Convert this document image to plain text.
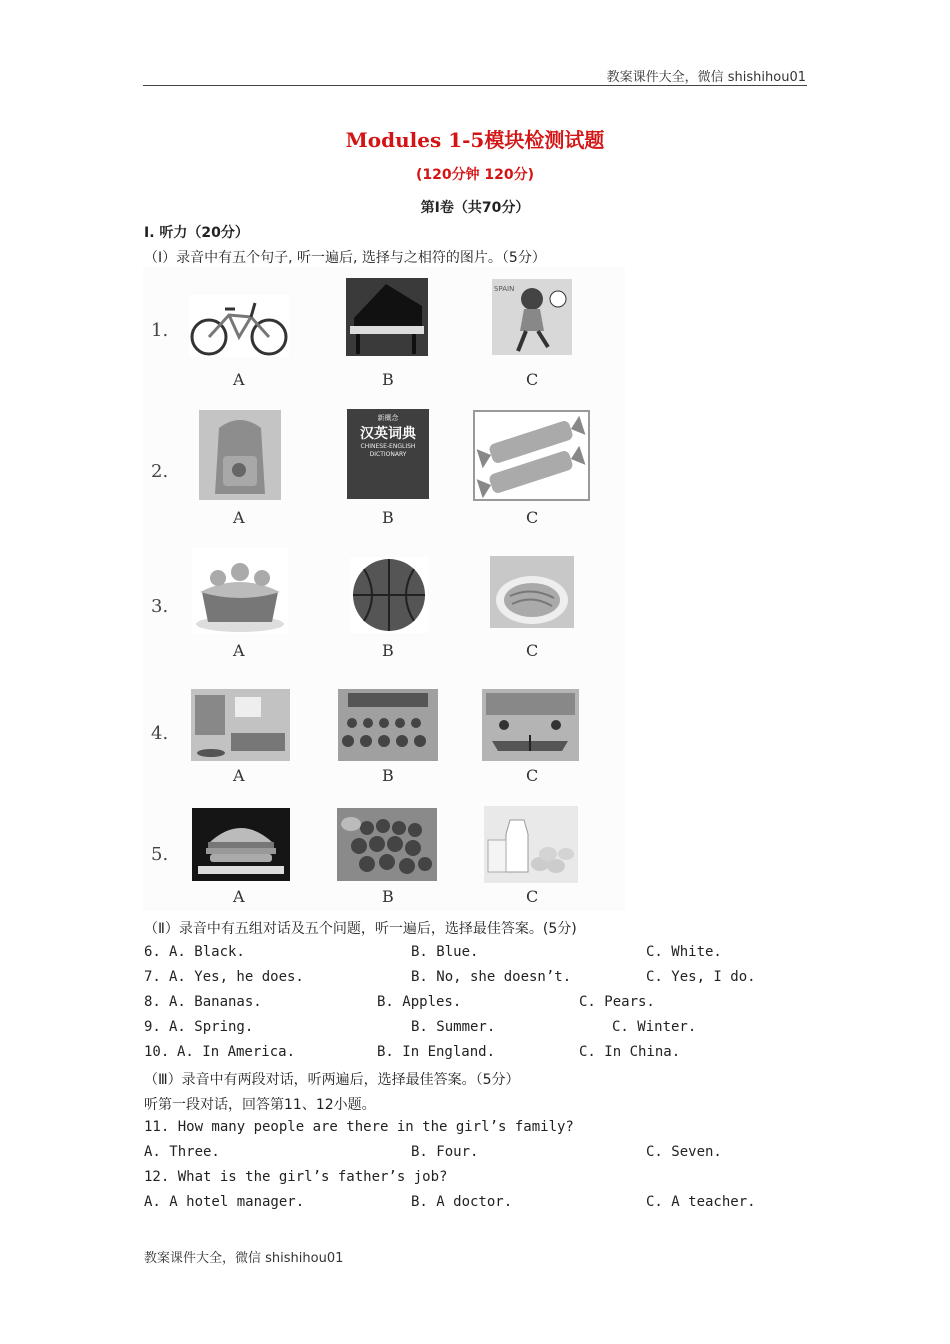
教案课件大全，微信 shishihou01
教案课件大全，微信 shishihou01
Modules 1-5模块检测试题
(120分钟 120分)
第Ⅰ卷（共70分）
Ⅰ. 听力（20分）
（Ⅰ）录音中有五个句子, 听一遍后, 选择与之相符的图片。（5分）
1.
SPAIN
A	B	C
2.
新概念
汉英词典
CHINESE-ENGLISH
DICTIONARY
A	B	C
3.
A	B	C
4.
A	B	C
5.
A	B	C
（Ⅱ）录音中有五组对话及五个问题，听一遍后，选择最佳答案。(5分)
6. A. Black.	B. Blue.	C. White.
7. A. Yes, he does.	B. No, she doesn’t.	C. Yes, I do.
8. A. Bananas.	B. Apples.	C. Pears.
9. A. Spring.	B. Summer.	C. Winter.
10. A. In America.	B. In England.	C. In China.
（Ⅲ）录音中有两段对话，听两遍后，选择最佳答案。（5分）
听第一段对话，回答第11、12小题。
11. How many people are there in the girl’s family?
A. Three.	B. Four.	C. Seven.
12. What is the girl’s father’s job?
A. A hotel manager.	B. A doctor.	C. A teacher.
